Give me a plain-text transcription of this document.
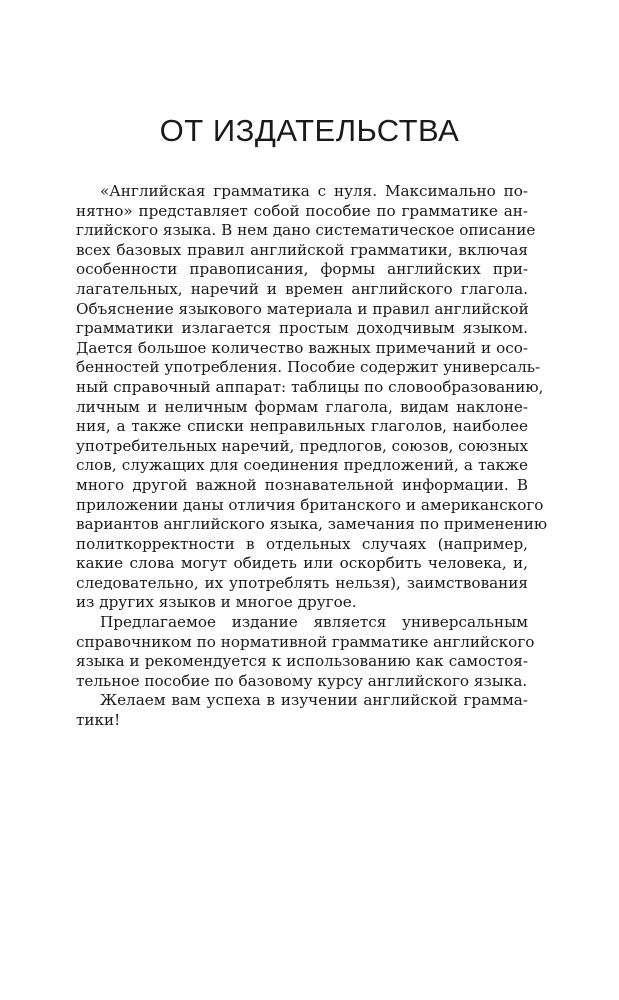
ОТ ИЗДАТЕЛЬСТВА
«Английская грамматика с нуля. Максимально по-
нятно» представляет собой пособие по грамматике ан-
глийского языка. В нем дано систематическое описание
всех базовых правил английской грамматики, включая
особенности правописания, формы английских при-
лагательных, наречий и времен английского глагола.
Объяснение языкового материала и правил английской
грамматики излагается простым доходчивым языком.
Дается большое количество важных примечаний и осо-
бенностей употребления. Пособие содержит универсаль-
ный справочный аппарат: таблицы по словообразованию,
личным и неличным формам глагола, видам наклоне-
ния, а также списки неправильных глаголов, наиболее
употребительных наречий, предлогов, союзов, союзных
слов, служащих для соединения предложений, а также
много другой важной познавательной информации. В
приложении даны отличия британского и американского
вариантов английского языка, замечания по применению
политкорректности в отдельных случаях (например,
какие слова могут обидеть или оскорбить человека, и,
следовательно, их употреблять нельзя), заимствования
из других языков и многое другое.
Предлагаемое издание является универсальным
справочником по нормативной грамматике английского
языка и рекомендуется к использованию как самостоя-
тельное пособие по базовому курсу английского языка.
Желаем вам успеха в изучении английской грамма-
тики!
